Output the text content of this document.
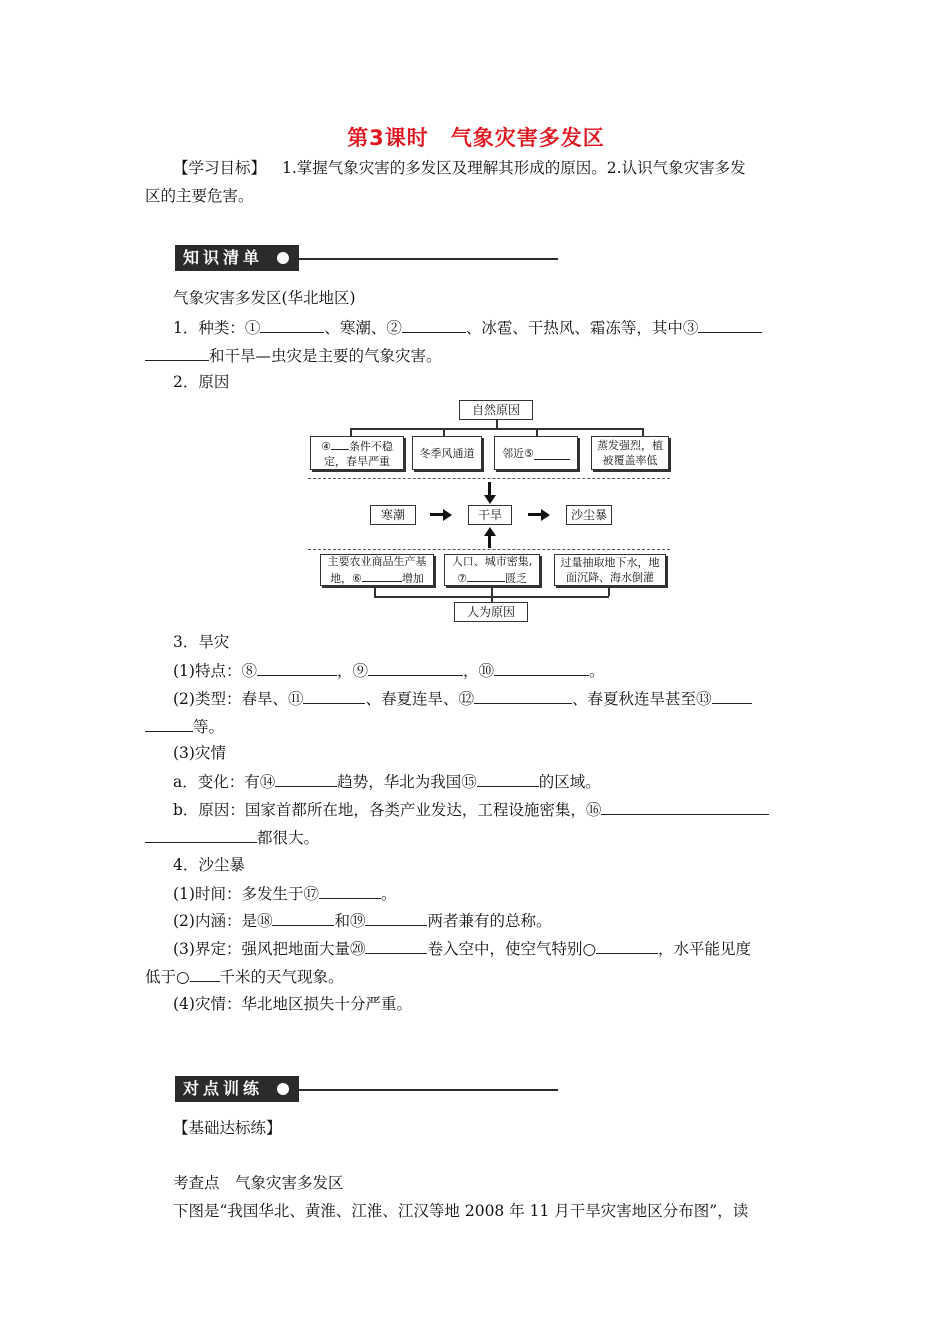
第3课时　气象灾害多发区
【学习目标】 1.掌握气象灾害的多发区及理解其形成的原因。2.认识气象灾害多发
区的主要危害。
知识清单
气象灾害多发区(华北地区)
1．种类：①	、寒潮、②	、冰雹、干热风、霜冻等，其中③
和干旱—虫灾是主要的气象灾害。
2．原因
3．旱灾
(1)特点：⑧	，⑨	，⑩	。
(2)类型：春旱、⑪	、春夏连旱、⑫	、春夏秋连旱甚至⑬
等。
(3)灾情
a．变化：有⑭	趋势，华北为我国⑮	的区域。
b．原因：国家首都所在地，各类产业发达，工程设施密集，⑯
都很大。
4．沙尘暴
(1)时间：多发生于⑰	。
(2)内涵：是⑱	和⑲	两者兼有的总称。
(3)界定：强风把地面大量⑳	卷入空中，使空气特别○	，水平能见度
低于○ 千米的天气现象。
(4)灾情：华北地区损失十分严重。
对点训练
【基础达标练】
考查点　气象灾害多发区
下图是“我国华北、黄淮、江淮、江汉等地 2008 年 11 月干旱灾害地区分布图”，读
自然原因
④ 条件不稳
定，春旱严重
冬季风通道	邻近⑤
蒸发强烈，植
被覆盖率低
寒潮	干旱	沙尘暴
主要农业商品生产基
地，⑥	增加
人口、城市密集,
⑦	匮乏
过量抽取地下水，地
面沉降、海水倒灌
人为原因
